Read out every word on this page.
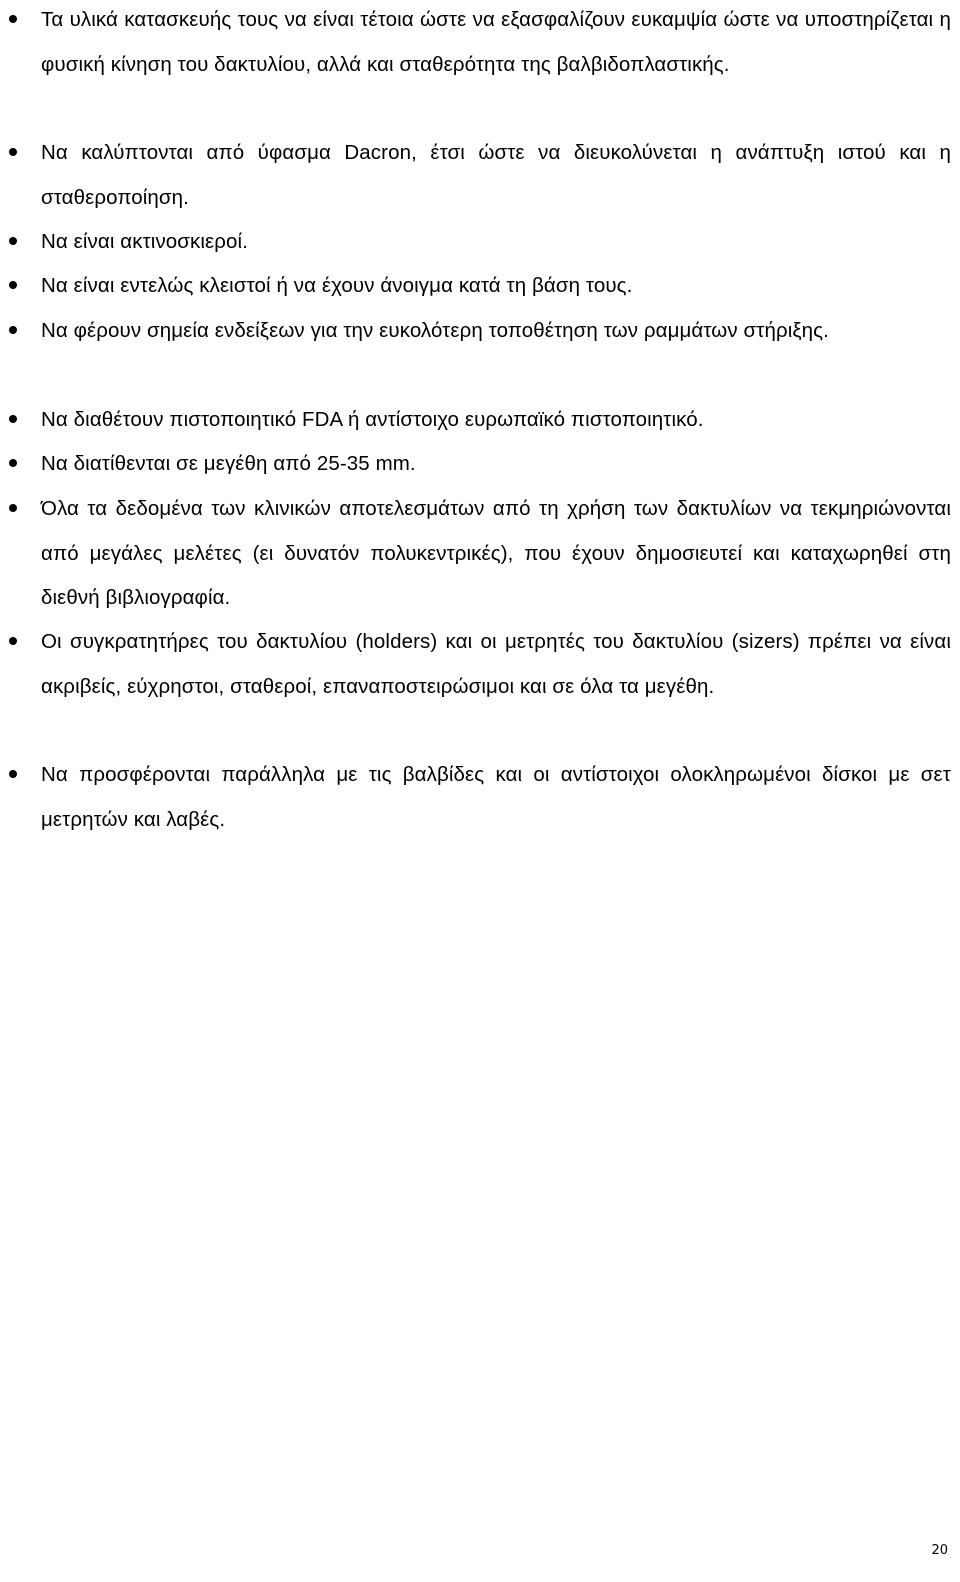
Τα υλικά κατασκευής τους να είναι τέτοια ώστε να εξασφαλίζουν ευκαμψία ώστε να υποστηρίζεται η φυσική κίνηση του δακτυλίου, αλλά και σταθερότητα της βαλβιδοπλαστικής.
Να καλύπτονται από ύφασμα Dacron, έτσι ώστε να διευκολύνεται η ανάπτυξη ιστού και η σταθεροποίηση.
Να είναι ακτινοσκιεροί.
Να είναι εντελώς κλειστοί ή να έχουν άνοιγμα κατά τη βάση τους.
Να φέρουν σημεία ενδείξεων για την ευκολότερη τοποθέτηση των ραμμάτων στήριξης.
Να διαθέτουν πιστοποιητικό FDA ή αντίστοιχο ευρωπαϊκό πιστοποιητικό.
Να διατίθενται σε μεγέθη από 25-35 mm.
Όλα τα δεδομένα των κλινικών αποτελεσμάτων από τη χρήση των δακτυλίων να τεκμηριώνονται από μεγάλες μελέτες (ει δυνατόν πολυκεντρικές), που έχουν δημοσιευτεί και καταχωρηθεί στη διεθνή βιβλιογραφία.
Οι συγκρατητήρες του δακτυλίου (holders) και οι μετρητές του δακτυλίου (sizers) πρέπει να είναι ακριβείς, εύχρηστοι, σταθεροί, επαναποστειρώσιμοι και σε όλα τα μεγέθη.
Να προσφέρονται παράλληλα με τις βαλβίδες και οι αντίστοιχοι ολοκληρωμένοι δίσκοι με σετ μετρητών και λαβές.
20
